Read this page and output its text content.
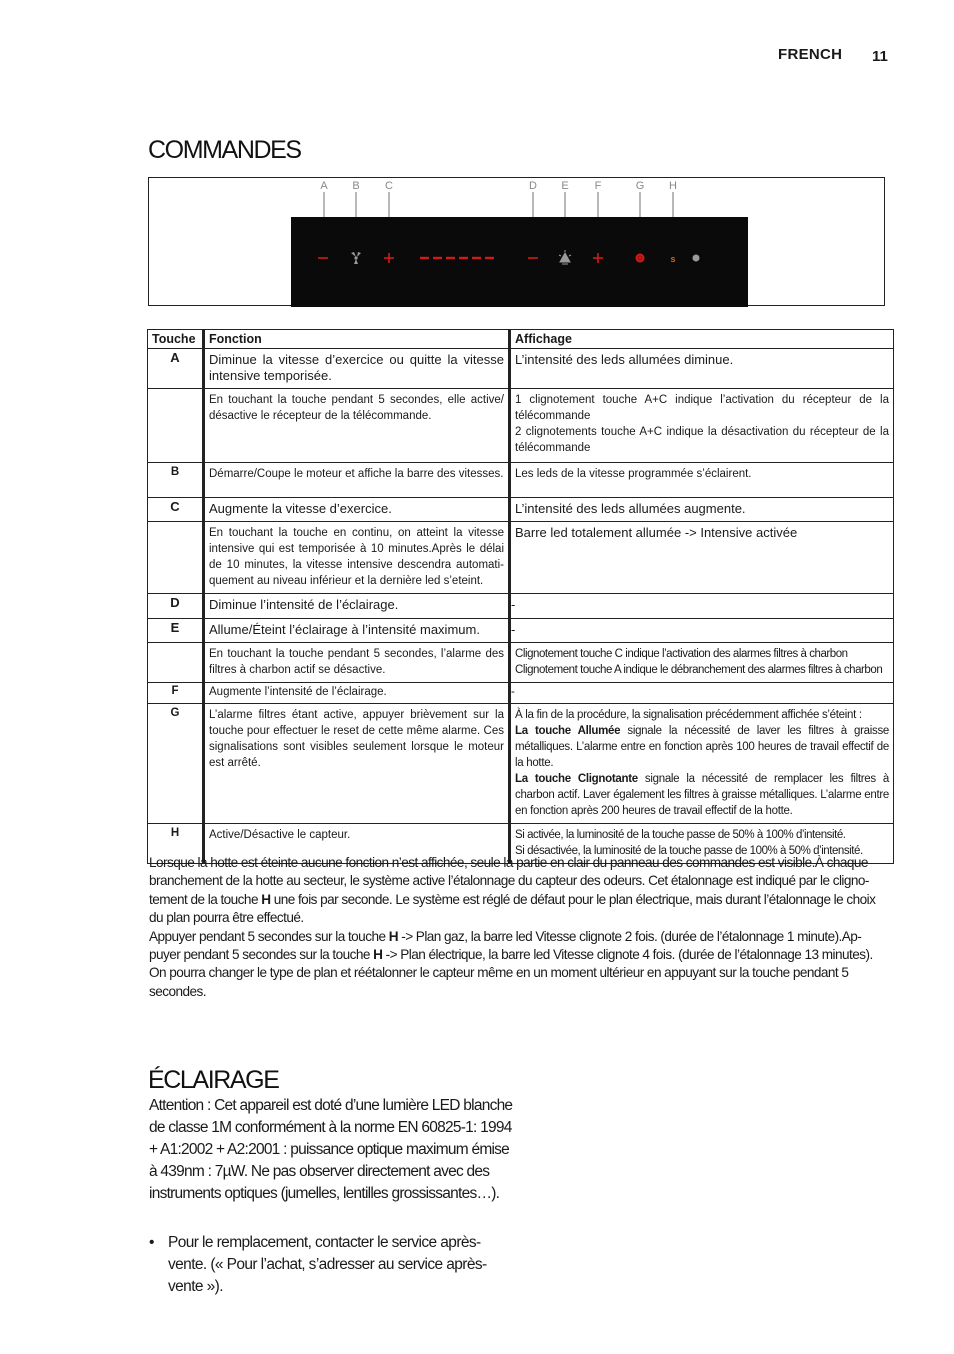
FRENCH 11
COMMANDES
A B C	D E F	G H
s
Touche	Fonction	Affichage
A	Diminue la vitesse d’exercice ou quitte la vitesse intensive temporisée.	L’intensité des leds allumées diminue.
	En touchant la touche pendant 5 secondes, elle active/ désactive le récepteur de la télécommande.	1 clignotement touche A+C indique l’activation du récepteur de la télécommande
2 clignotements touche A+C indique la désactivation du récepteur de la télécommande

B	Démarre/Coupe le moteur et affiche la barre des vitesses.	Les leds de la vitesse programmée s’éclairent.
C	Augmente la vitesse d’exercice.	L’intensité des leds allumées augmente.
	En touchant la touche en continu, on atteint la vitesse intensive qui est temporisée à 10 minutes.Après le délai de 10 minutes, la vitesse intensive descendra automati- quement au niveau inférieur et la dernière led s’eteint.	Barre led totalement allumée -> Intensive activée
D	Diminue l’intensité de l’éclairage.	-
E	Allume/Éteint l’éclairage à l’intensité maximum.	-
	En touchant la touche pendant 5 secondes, l’alarme des filtres à charbon actif se désactive.	Clignotement touche C indique l’activation des alarmes filtres à charbon
Clignotement touche A indique le débranchement des alarmes filtres à charbon

F	Augmente l’intensité de l’éclairage.	-
G	L’alarme filtres étant active, appuyer brièvement sur la touche pour effectuer le reset de cette même alarme. Ces signalisations sont visibles seulement lorsque le moteur est arrêté.	À la fin de la procédure, la signalisation précédemment affichée s’éteint :
La touche Allumée signale la nécessité de laver les filtres à graisse métalliques. L’alarme entre en fonction après 100 heures de travail effectif de la hotte.
La touche Clignotante signale la nécessité de remplacer les filtres à charbon actif. Laver également les filtres à graisse métalliques. L’alarme entre en fonction après 200 heures de travail effectif de la hotte.
H	Active/Désactive le capteur.	Si activée, la luminosité de la touche passe de 50% à 100% d’intensité.
Si désactivée, la luminosité de la touche passe de 100% à 50% d’intensité.

Lorsque la hotte est éteinte aucune fonction n’est affichée, seule la partie en clair du panneau des commandes est visible.À chaque branchement de la hotte au secteur, le système active l’étalonnage du capteur des odeurs. Cet étalonnage est indiqué par le cligno- tement de la touche H une fois par seconde. Le système est réglé de défaut pour le plan électrique, mais durant l’étalonnage le choix du plan pourra être effectué.

Appuyer pendant 5 secondes sur la touche H -> Plan gaz, la barre led Vitesse clignote 2 fois. (durée de l’étalonnage 1 minute).Ap- puyer pendant 5 secondes sur la touche H -> Plan électrique, la barre led Vitesse clignote 4 fois. (durée de l’étalonnage 13 minutes).

On pourra changer le type de plan et réétalonner le capteur même en un moment ultérieur en appuyant sur la touche pendant 5 secondes.

ÉCLAIRAGE
Attention : Cet appareil est doté d’une lumière LED blanche de classe 1M conformément à la norme EN 60825-1: 1994 + A1:2002 + A2:2001 : puissance optique maximum émise à 439nm : 7µW. Ne pas observer directement avec des instruments optiques (jumelles, lentilles grossissantes…).
• Pour le remplacement, contacter le service après-vente. (« Pour l’achat, s’adresser au service après-vente »).
